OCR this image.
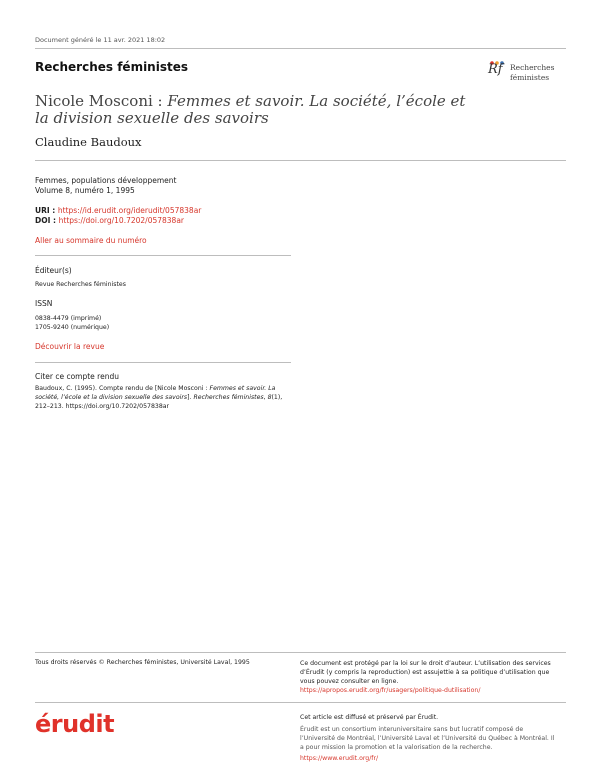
Document généré le 11 avr. 2021 18:02
Recherches féministes	Rf Recherches
féministes
Nicole Mosconi : Femmes et savoir. La société, l’école et la division sexuelle des savoirs
Claudine Baudoux
Femmes, populations développement
Volume 8, numéro 1, 1995
URI : https://id.erudit.org/iderudit/057838ar
DOI : https://doi.org/10.7202/057838ar
Aller au sommaire du numéro
Éditeur(s)
Revue Recherches féministes
ISSN
0838-4479 (imprimé)
1705-9240 (numérique)
Découvrir la revue
Citer ce compte rendu
Baudoux, C. (1995). Compte rendu de [Nicole Mosconi : Femmes et savoir. La société, l’école et la division sexuelle des savoirs]. Recherches féministes, 8(1), 212–213. https://doi.org/10.7202/057838ar
Tous droits réservés © Recherches féministes, Université Laval, 1995	Ce document est protégé par la loi sur le droit d’auteur. L’utilisation des services d’Érudit (y compris la reproduction) est assujettie à sa politique d’utilisation que vous pouvez consulter en ligne.
https://apropos.erudit.org/fr/usagers/politique-dutilisation/
érudit	Cet article est diffusé et préservé par Érudit.
Érudit est un consortium interuniversitaire sans but lucratif composé de l’Université de Montréal, l’Université Laval et l’Université du Québec à Montréal. Il a pour mission la promotion et la valorisation de la recherche.
https://www.erudit.org/fr/
